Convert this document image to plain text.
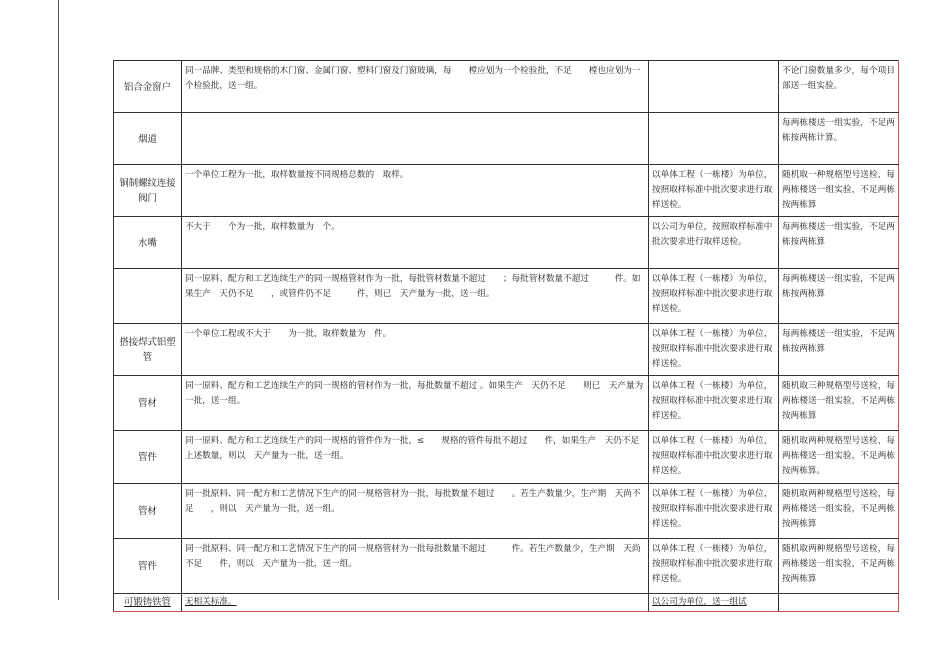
铝合金窗户	同一品牌、类型和规格的木门窗、金属门窗、塑料门窗及门窗玻璃，每　　樘应划为一个检验批，不足　　樘也应划为一个检验批，送一组。		不论门窗数量多少，每个项目部送一组实验。
烟道			每两栋楼送一组实验，不足两栋按两栋计算。
铜制螺纹连接阀门	一个单位工程为一批，取样数量按不同规格总数的　取样。	以单体工程（一栋楼）为单位，按照取样标准中批次要求进行取样送检。	随机取一种规格型号送检，每两栋楼送一组实验，不足两栋按两栋算
水嘴	不大于　　个为一批，取样数量为　个。	以公司为单位，按照取样标准中批次要求进行取样送检。	每两栋楼送一组实验，不足两栋按两栋算
	同一原料、配方和工艺连续生产的同一规格管材作为一批，每批管材数量不超过　　；每批管材数量不超过　　　件。如果生产　天仍不足　　，或管件仍不足　　　件，则已　天产量为一批，送一组。	以单体工程（一栋楼）为单位，按照取样标准中批次要求进行取样送检。	每两栋楼送一组实验，不足两栋按两栋算
搭接焊式铝塑管	一个单位工程或不大于　　为一批，取样数量为　件。	以单体工程（一栋楼）为单位，按照取样标准中批次要求进行取样送检。	每两栋楼送一组实验，不足两栋按两栋算
管材	同一原料、配方和工艺连续生产的同一规格的管材作为一批，每批数量不超过 。如果生产　天仍不足　　则已　天产量为一批，送一组。	以单体工程（一栋楼）为单位，按照取样标准中批次要求进行取样送检。	随机取三种规格型号送检，每两栋楼送一组实验，不足两栋按两栋算
管件	同一原料、配方和工艺连续生产的同一规格的管件作为一批，≤　　规格的管件每批不超过　　件，如果生产　天仍不足上述数量，则以　天产量为一批，送一组。	以单体工程（一栋楼）为单位，按照取样标准中批次要求进行取样送检。	随机取两种规格型号送检，每两栋楼送一组实验，不足两栋按两栋算。
管材	同一批原料、同一配方和工艺情况下生产的同一规格管材为一批，每批数量不超过　　。若生产数量少，生产期　天尚不足　　，则以　天产量为一批，送一组。	以单体工程（一栋楼）为单位，按照取样标准中批次要求进行取样送检。	随机取两种规格型号送检，每两栋楼送一组实验，不足两栋按两栋算
管件	同一批原料、同一配方和工艺情况下生产的同一规格管材为一批每批数量不超过　　　件。若生产数量少，生产期　天尚不足　　件，则以　天产量为一批，送一组。	以单体工程（一栋楼）为单位，按照取样标准中批次要求进行取样送检。	随机取两种规格型号送检，每两栋楼送一组实验，不足两栋按两栋算
可锻铸铁管	无相关标准。	以公司为单位，送一组试	
